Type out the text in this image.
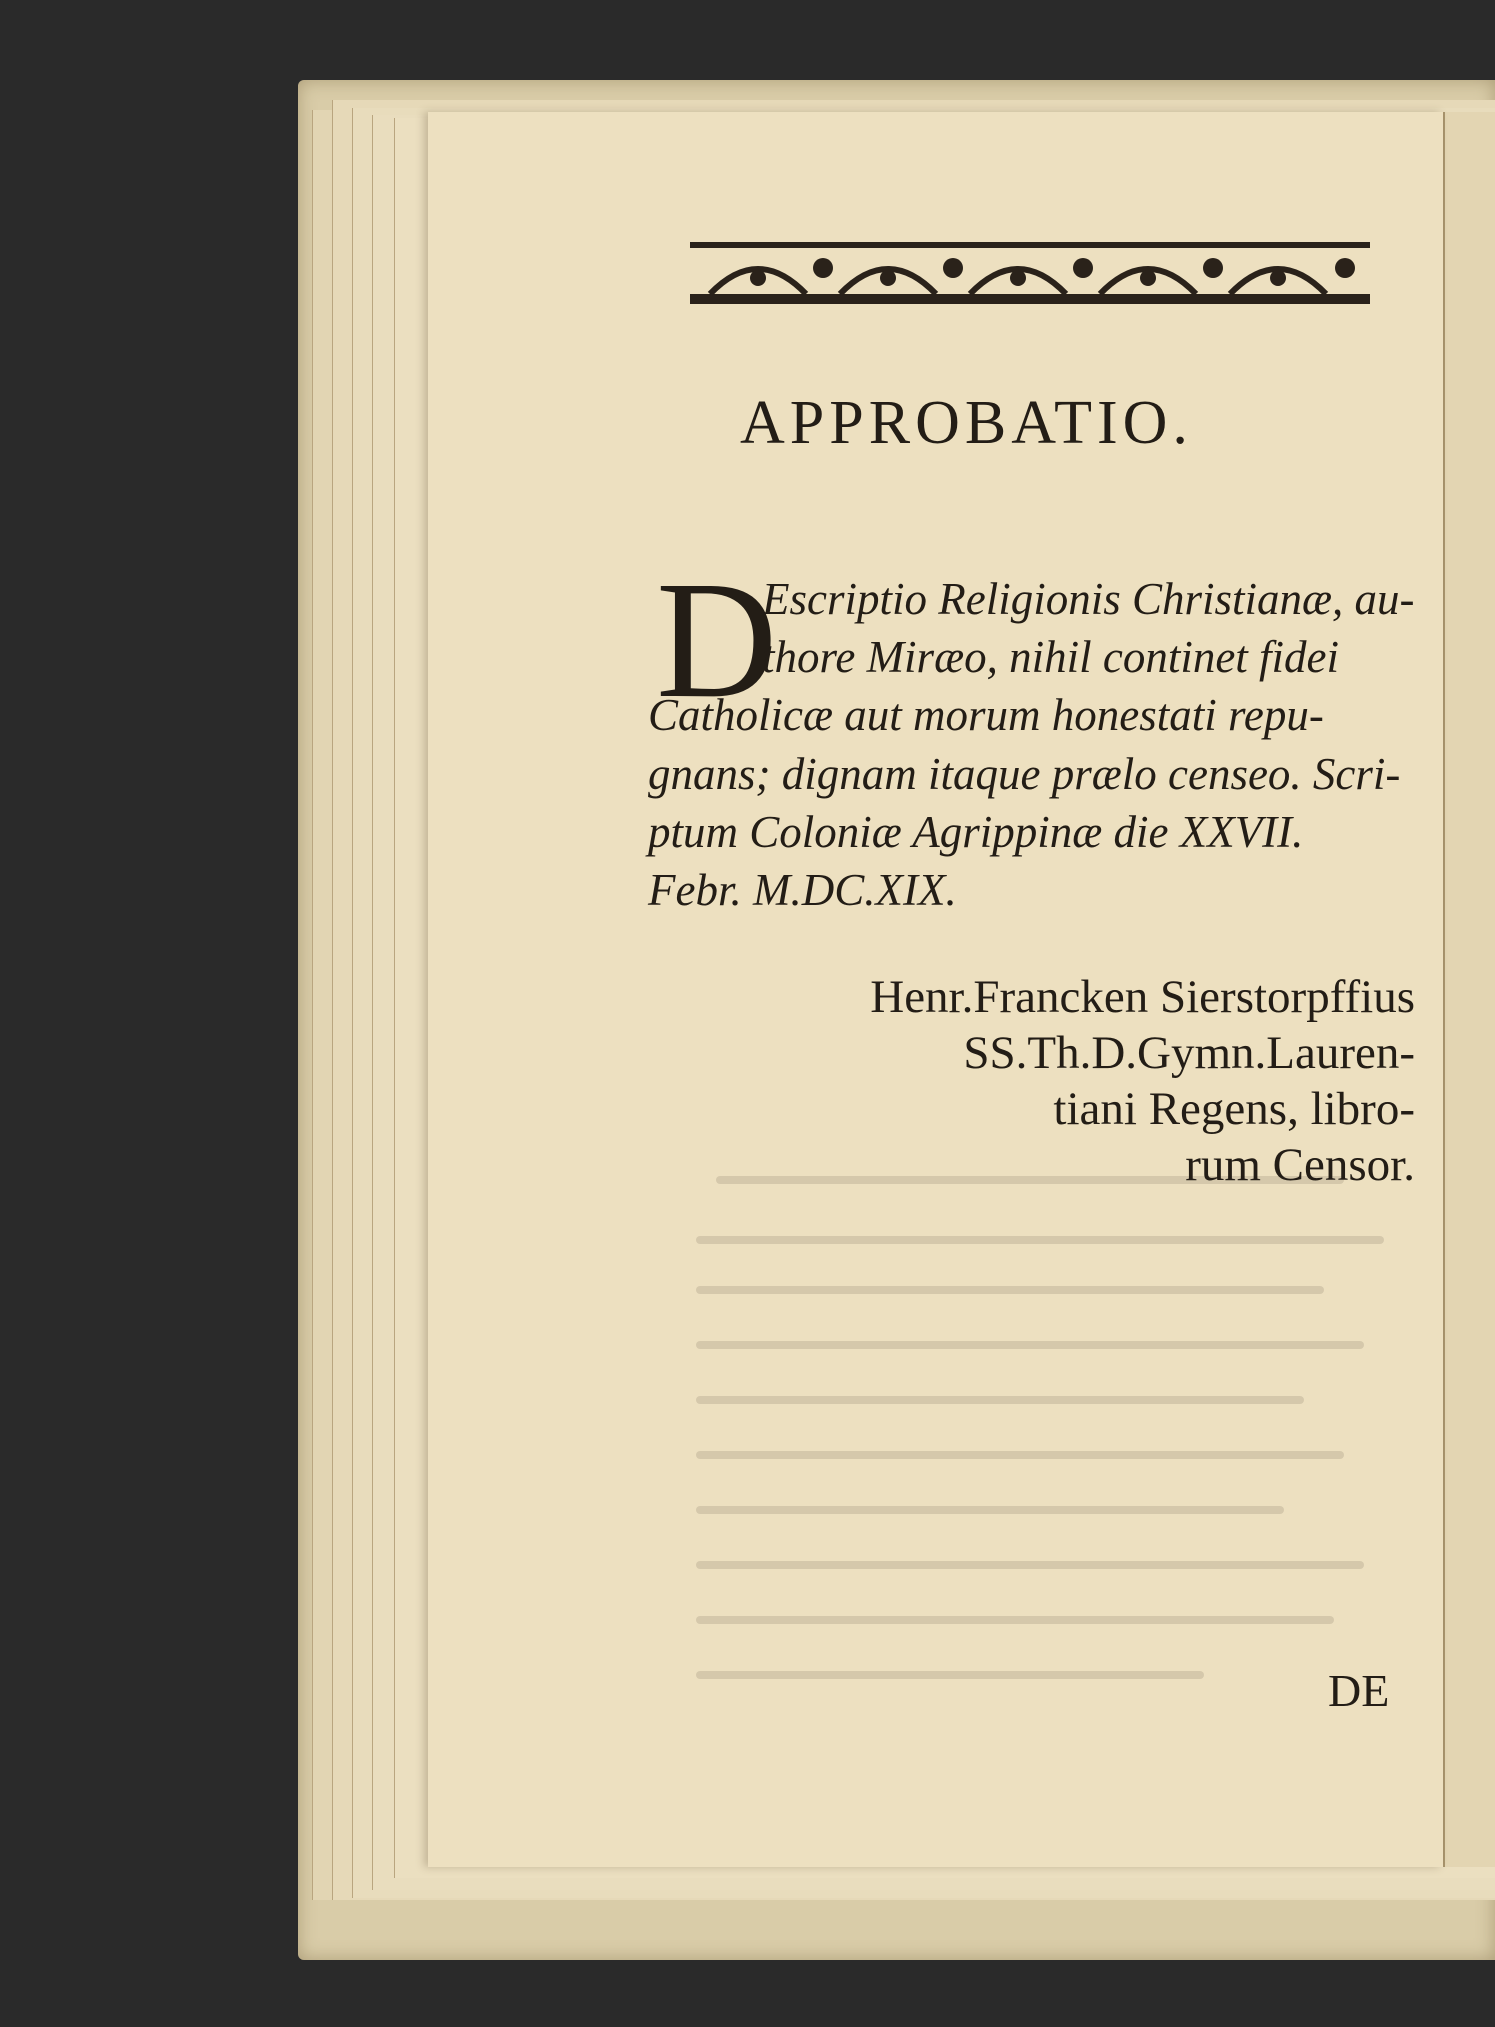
APPROBATIO.
D
Escriptio Religionis Christianæ, au-
thore Miræo, nihil continet fidei
Catholicæ aut morum honestati repu-
gnans; dignam itaque prælo censeo. Scri-
ptum Coloniæ Agrippinæ die XXVII.
Febr. M.DC.XIX.
Henr.Francken Sierstorpffius
SS.Th.D.Gymn.Lauren-
tiani Regens, libro-
rum Censor.
DE
